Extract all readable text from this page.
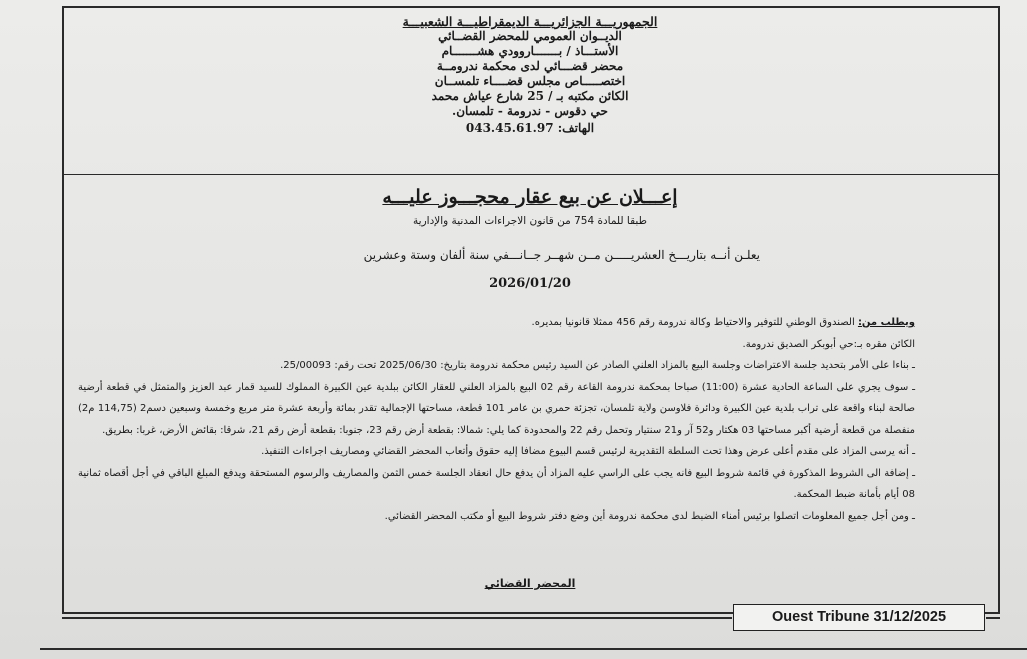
الجمهوريـــة الجزائريـــة الديمقراطيـــة الشعبيـــة
الديــوان العمومي للمحضر القضــائي
الأستـــاذ / بـــــــاروودي هشـــــــام
محضر قضـــائي لدى محكمة ندرومــة
اختصـــــاص مجلس قضــــاء تلمســان
الكائن مكتبه بـ / 25 شارع عياش محمد
حي دقوس - ندرومة - تلمسان.
الهاتف: 043.45.61.97
إعـــلان عن بيع عقار محجـــوز عليـــه
طبقا للمادة 754 من قانون الاجراءات المدنية والإدارية
يعلـن أنــه بتاريـــخ العشريـــــن مــن شهــر جــانـــفي سنة ألفان وستة وعشرين
2026/01/20

ويطلب من: الصندوق الوطني للتوفير والاحتياط وكالة ندرومة رقم 456 ممثلا قانونيا بمديره.

الكائن مقره بـ:حي أبوبكر الصديق ندرومة.

ـ بناءا على الأمر بتحديد جلسة الاعتراضات وجلسة البيع بالمزاد العلني الصادر عن السيد رئيس محكمة ندرومة بتاريخ: 2025/06/30 تحت رقم: 25/00093.

ـ سوف يجري على الساعة الحادية عشرة (11:00) صباحا بمحكمة ندرومة القاعة رقم 02 البيع بالمزاد العلني للعقار الكائن ببلدية عين الكبيرة المملوك للسيد قمار عبد العزيز والمتمثل في قطعة أرضية صالحة لبناء واقعة على تراب بلدية عين الكبيرة ودائرة فلاوسن ولاية تلمسان، تجزئة حمري بن عامر 101 قطعة، مساحتها الإجمالية تقدر بمائة وأربعة عشرة متر مربع وخمسة وسبعين دسم2 (114,75 م2) منفصلة من قطعة أرضية أكبر مساحتها 03 هكتار و52 آر و21 سنتيار وتحمل رقم 22 والمحدودة كما يلي: شمالا: بقطعة أرض رقم 23، جنوبا: بقطعة أرض رقم 21، شرقا: بقائض الأرض، غربا: بطريق.

ـ أنه يرسى المزاد على مقدم أعلى عرض وهذا تحت السلطة التقديرية لرئيس قسم البيوع مضافا إليه حقوق وأتعاب المحضر القضائي ومصاريف اجراءات التنفيذ.

ـ إضافة الى الشروط المذكورة في قائمة شروط البيع فانه يجب على الراسي عليه المزاد أن يدفع حال انعقاد الجلسة خمس الثمن والمصاريف والرسوم المستحقة ويدفع المبلغ الباقي في أجل أقصاه ثمانية 08 أيام بأمانة ضبط المحكمة.

ـ ومن أجل جميع المعلومات اتصلوا برئيس أمناء الضبط لدى محكمة ندرومة أين وضع دفتر شروط البيع أو مكتب المحضر القضائي.

المحضر القضائي
Ouest Tribune 31/12/2025
